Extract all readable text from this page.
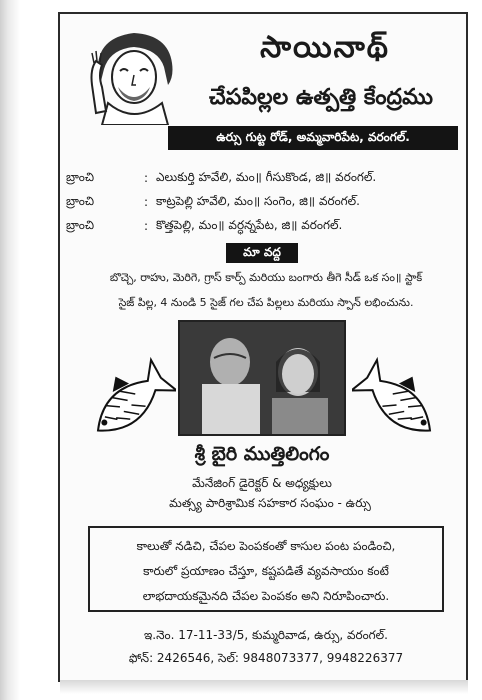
సాయినాథ్
చేపపిల్లల ఉత్పత్తి కేంద్రము
ఉర్సు గుట్ట రోడ్, అమ్మవారిపేట, వరంగల్.
బ్రాంచి	: ఎలుకుర్తి హవేలి, మం॥ గీసుకొండ, జి॥ వరంగల్.
బ్రాంచి	: కాట్రపెల్లి హవేలి, మం॥ సంగెం, జి॥ వరంగల్.
బ్రాంచి	: కొత్తపెల్లి, మం॥ వర్ధన్నపేట, జి॥ వరంగల్.
మా వద్ద
బొచ్చె, రాహు, మెరిగె, గ్రాస్ కార్ప్ మరియు బంగారు తీగె సీడ్ ఒక సం॥ స్టాక్
సైజ్ పిల్ల, 4 నుండి 5 సైజ్ గల చేప పిల్లలు మరియు స్పాన్ లభించును.
శ్రీ బైరి ముత్తిలింగం
మేనేజింగ్ డైరెక్టర్ & అధ్యక్షులు
మత్స్య పారిశ్రామిక సహకార సంఘం - ఉర్సు
కాలుతో నడిచి, చేపల పెంపకంతో కాసుల పంట పండించి,
కారులో ప్రయాణం చేస్తూ, కష్టపడితే వ్యవసాయం కంటే
లాభదాయకమైనది చేపల పెంపకం అని నిరూపించారు.
ఇ.నెం. 17-11-33/5, కుమ్మరివాడ, ఉర్సు, వరంగల్.
ఫోన్: 2426546, సెల్: 9848073377, 9948226377
